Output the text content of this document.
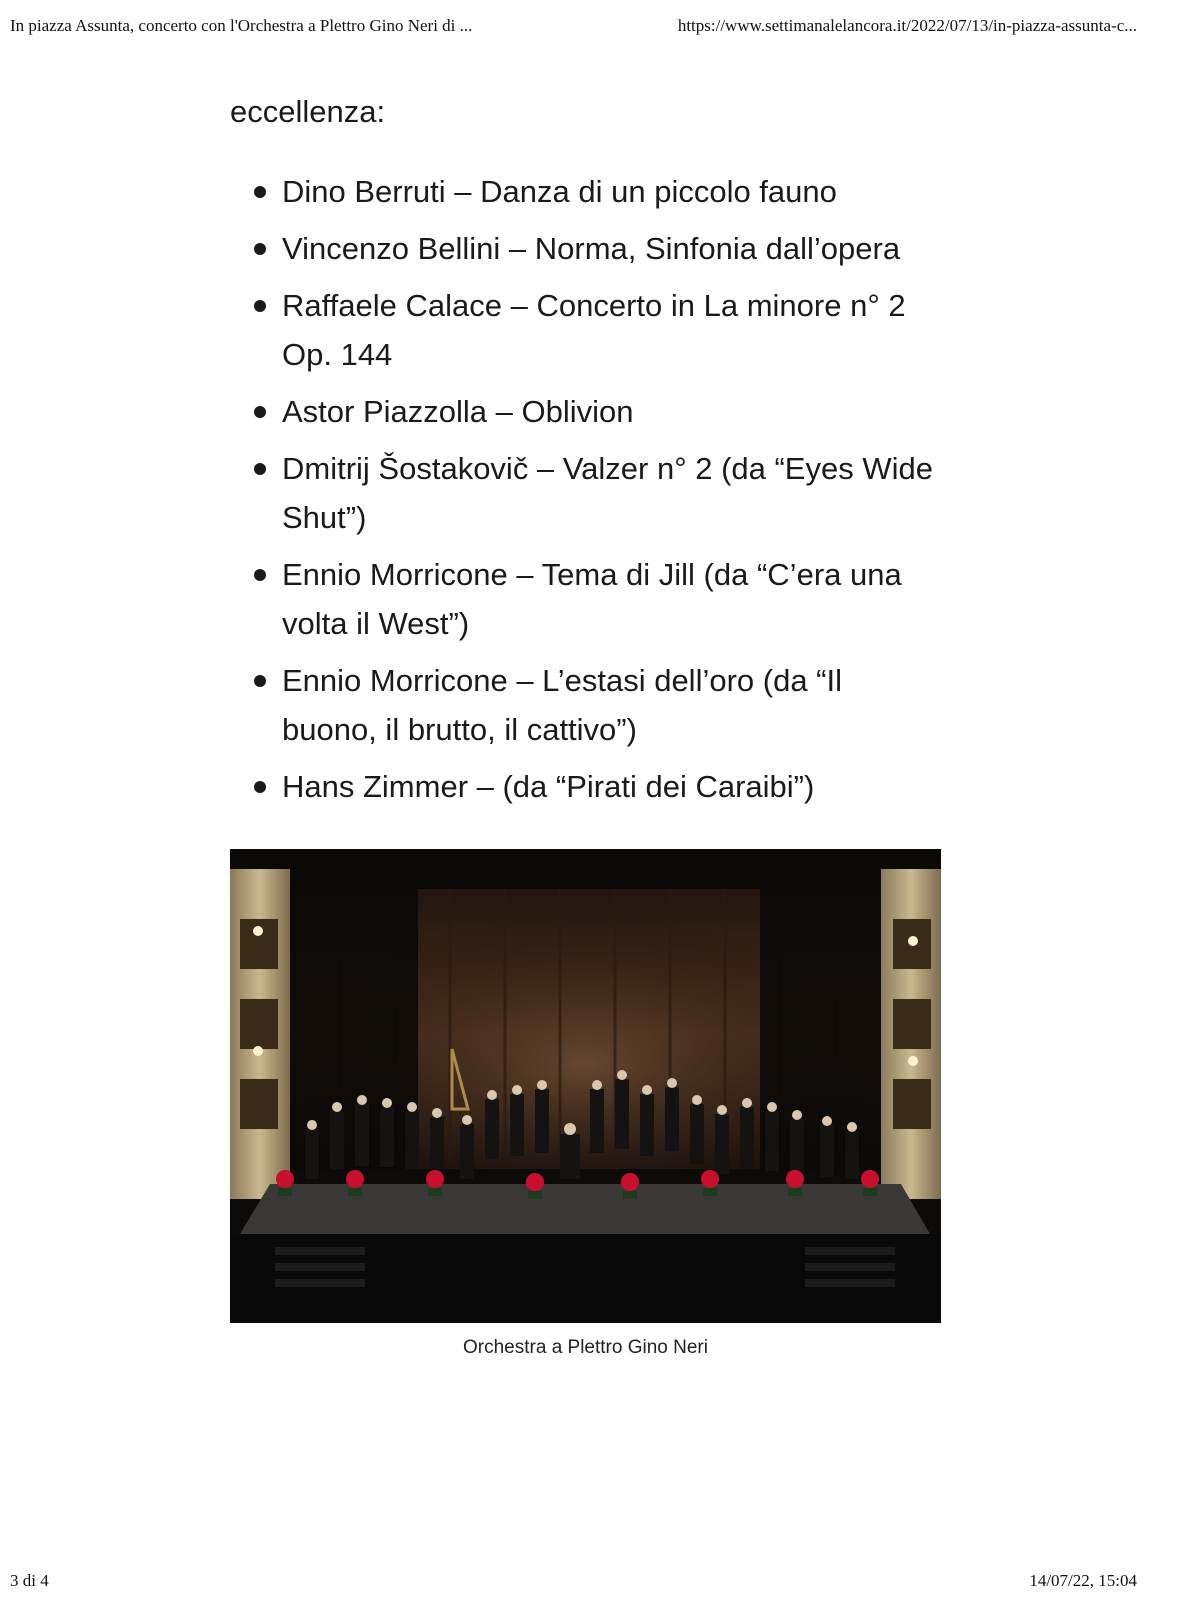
In piazza Assunta, concerto con l'Orchestra a Plettro Gino Neri di ...	https://www.settimanalelancora.it/2022/07/13/in-piazza-assunta-c...
eccellenza:
Dino Berruti – Danza di un piccolo fauno
Vincenzo Bellini – Norma, Sinfonia dall’opera
Raffaele Calace – Concerto in La minore n° 2 Op. 144
Astor Piazzolla – Oblivion
Dmitrij Šostakovič – Valzer n° 2 (da “Eyes Wide Shut”)
Ennio Morricone – Tema di Jill (da “C’era una volta il West”)
Ennio Morricone – L’estasi dell’oro (da “Il buono, il brutto, il cattivo”)
Hans Zimmer – (da “Pirati dei Caraibi”)
Orchestra a Plettro Gino Neri
3 di 4	14/07/22, 15:04
